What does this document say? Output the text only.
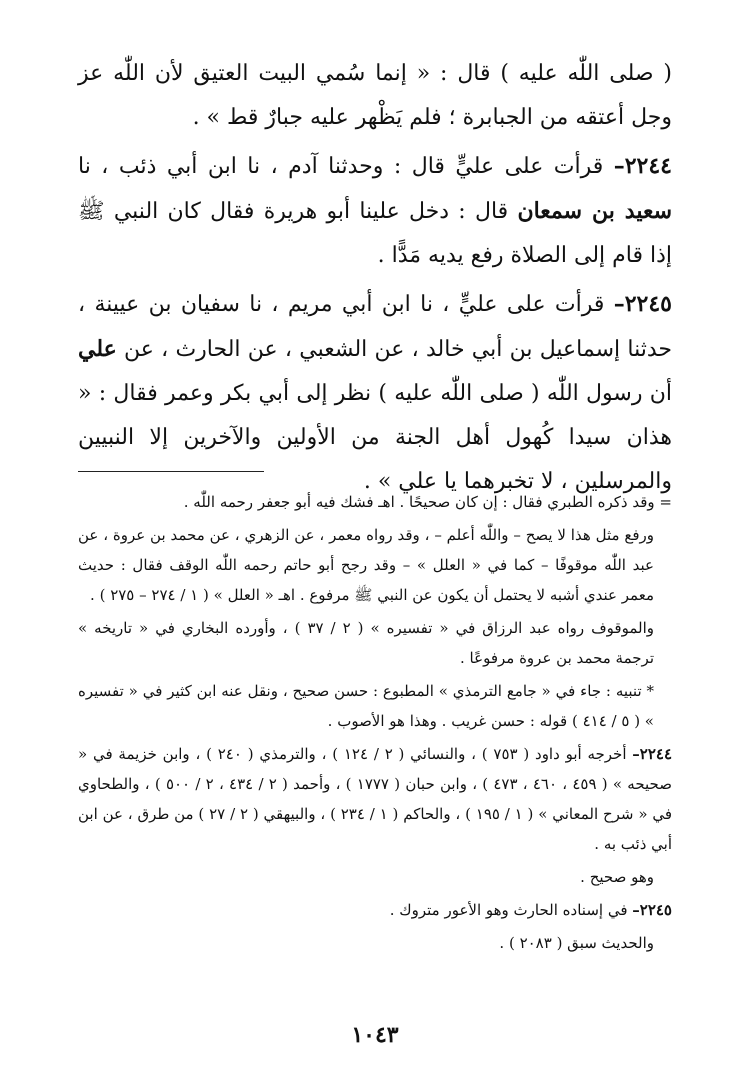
( صلى اللّٰه عليه ) قال : « إنما سُمي البيت العتيق لأن اللّٰه عز وجل أعتقه من الجبابرة ؛ فلم يَظْهر عليه جبارٌ قط » .

٢٢٤٤– قرأت على عليٍّ قال : وحدثنا آدم ، نا ابن أبي ذئب ، نا سعيد بن سمعان قال : دخل علينا أبو هريرة فقال كان النبي ﷺ إذا قام إلى الصلاة رفع يديه مَدًّا .

٢٢٤٥– قرأت على عليٍّ ، نا ابن أبي مريم ، نا سفيان بن عيينة ، حدثنا إسماعيل بن أبي خالد ، عن الشعبي ، عن الحارث ، عن علي أن رسول اللّٰه ( صلى اللّٰه عليه ) نظر إلى أبي بكر وعمر فقال : « هذان سيدا كُهول أهل الجنة من الأولين والآخرين إلا النبيين والمرسلين ، لا تخبرهما يا علي » .

= وقد ذكره الطبري فقال : إن كان صحيحًا . اهـ فشك فيه أبو جعفر رحمه اللّٰه .

ورفع مثل هذا لا يصح – واللّٰه أعلم – ، وقد رواه معمر ، عن الزهري ، عن محمد بن عروة ، عن عبد اللّٰه موقوفًا – كما في « العلل » – وقد رجح أبو حاتم رحمه اللّٰه الوقف فقال : حديث معمر عندي أشبه لا يحتمل أن يكون عن النبي ﷺ مرفوع . اهـ « العلل » ( ١ / ٢٧٤ – ٢٧٥ ) .

والموقوف رواه عبد الرزاق في « تفسيره » ( ٢ / ٣٧ ) ، وأورده البخاري في « تاريخه » ترجمة محمد بن عروة مرفوعًا .

* تنبيه : جاء في « جامع الترمذي » المطبوع : حسن صحيح ، ونقل عنه ابن كثير في « تفسيره » ( ٥ / ٤١٤ ) قوله : حسن غريب . وهذا هو الأصوب .

٢٢٤٤– أخرجه أبو داود ( ٧٥٣ ) ، والنسائي ( ٢ / ١٢٤ ) ، والترمذي ( ٢٤٠ ) ، وابن خزيمة في « صحيحه » ( ٤٥٩ ، ٤٦٠ ، ٤٧٣ ) ، وابن حبان ( ١٧٧٧ ) ، وأحمد ( ٢ / ٤٣٤ ، ٢ / ٥٠٠ ) ، والطحاوي في « شرح المعاني » ( ١ / ١٩٥ ) ، والحاكم ( ١ / ٢٣٤ ) ، والبيهقي ( ٢ / ٢٧ ) من طرق ، عن ابن أبي ذئب به .

وهو صحيح .

٢٢٤٥– في إسناده الحارث وهو الأعور متروك .

والحديث سبق ( ٢٠٨٣ ) .

١٠٤٣
